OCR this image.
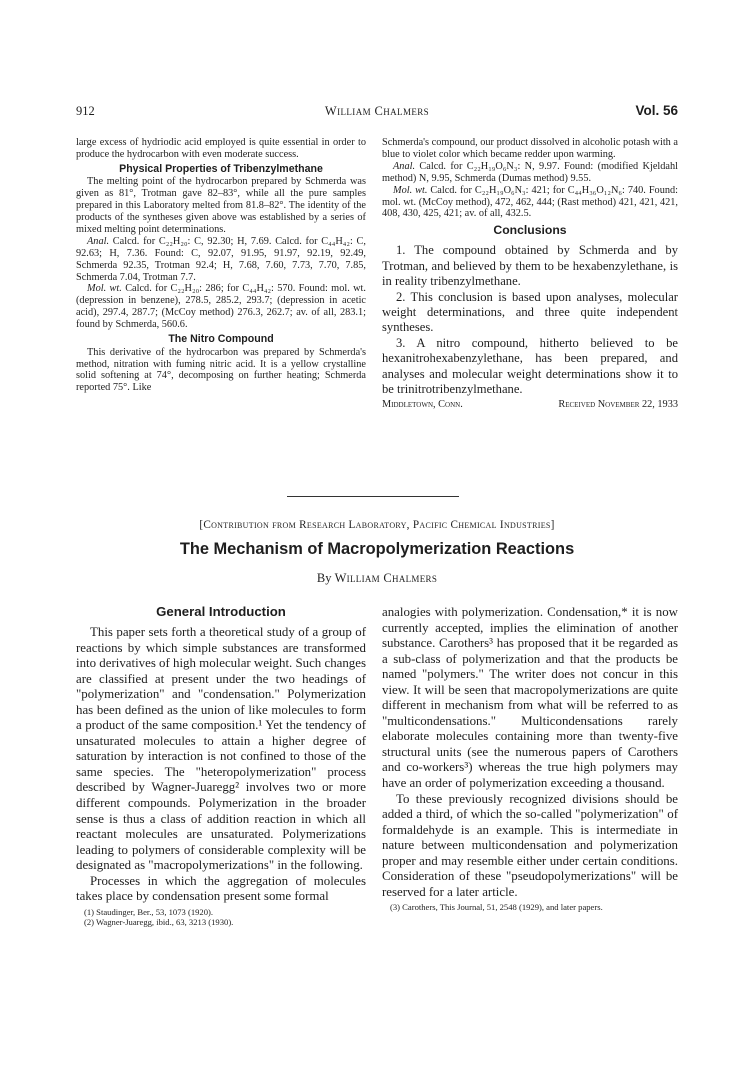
912	William Chalmers	Vol. 56

large excess of hydriodic acid employed is quite essential in order to produce the hydrocarbon with even moderate success.

Physical Properties of Tribenzylmethane

The melting point of the hydrocarbon prepared by Schmerda was given as 81°, Trotman gave 82–83°, while all the pure samples prepared in this Laboratory melted from 81.8–82°. The identity of the products of the syntheses given above was established by a series of mixed melting point determinations.

Anal. Calcd. for C₂₂H₂₀: C, 92.30; H, 7.69. Calcd. for C₄₄H₄₂: C, 92.63; H, 7.36. Found: C, 92.07, 91.95, 91.97, 92.19, 92.49, Schmerda 92.35, Trotman 92.4; H, 7.68, 7.60, 7.73, 7.70, 7.85, Schmerda 7.04, Trotman 7.7.

Mol. wt. Calcd. for C₂₂H₂₀: 286; for C₄₄H₄₂: 570. Found: mol. wt. (depression in benzene), 278.5, 285.2, 293.7; (depression in acetic acid), 297.4, 287.7; (McCoy method) 276.3, 262.7; av. of all, 283.1; found by Schmerda, 560.6.

The Nitro Compound

This derivative of the hydrocarbon was prepared by Schmerda's method, nitration with fuming nitric acid. It is a yellow crystalline solid softening at 74°, decomposing on further heating; Schmerda reported 75°. Like

Schmerda's compound, our product dissolved in alcoholic potash with a blue to violet color which became redder upon warming.

Anal. Calcd. for C₂₂H₁₉O₆N₃: N, 9.97. Found: (modified Kjeldahl method) N, 9.95, Schmerda (Dumas method) 9.55.

Mol. wt. Calcd. for C₂₂H₁₉O₆N₃: 421; for C₄₄H₃₆O₁₂N₆: 740. Found: mol. wt. (McCoy method), 472, 462, 444; (Rast method) 421, 421, 421, 408, 430, 425, 421; av. of all, 432.5.

Conclusions

1. The compound obtained by Schmerda and by Trotman, and believed by them to be hexabenzylethane, is in reality tribenzylmethane.

2. This conclusion is based upon analyses, molecular weight determinations, and three quite independent syntheses.

3. A nitro compound, hitherto believed to be hexanitrohexabenzylethane, has been prepared, and analyses and molecular weight determinations show it to be trinitrotribenzylmethane.

Middletown, Conn.	Received November 22, 1933
[Contribution from Research Laboratory, Pacific Chemical Industries]
The Mechanism of Macropolymerization Reactions
By William Chalmers
General Introduction

This paper sets forth a theoretical study of a group of reactions by which simple substances are transformed into derivatives of high molecular weight. Such changes are classified at present under the two headings of "polymerization" and "condensation." Polymerization has been defined as the union of like molecules to form a product of the same composition.¹ Yet the tendency of unsaturated molecules to attain a higher degree of saturation by interaction is not confined to those of the same species. The "heteropolymerization" process described by Wagner-Juaregg² involves two or more different compounds. Polymerization in the broader sense is thus a class of addition reaction in which all reactant molecules are unsaturated. Polymerizations leading to polymers of considerable complexity will be designated as "macropolymerizations" in the following.

Processes in which the aggregation of molecules takes place by condensation present some formal

(1) Staudinger, Ber., 53, 1073 (1920).
(2) Wagner-Juaregg, ibid., 63, 3213 (1930).

analogies with polymerization. Condensation,* it is now currently accepted, implies the elimination of another substance. Carothers³ has proposed that it be regarded as a sub-class of polymerization and that the products be named "polymers." The writer does not concur in this view. It will be seen that macropolymerizations are quite different in mechanism from what will be referred to as "multicondensations." Multicondensations rarely elaborate molecules containing more than twenty-five structural units (see the numerous papers of Carothers and co-workers³) whereas the true high polymers may have an order of polymerization exceeding a thousand.

To these previously recognized divisions should be added a third, of which the so-called "polymerization" of formaldehyde is an example. This is intermediate in nature between multicondensation and polymerization proper and may resemble either under certain conditions. Consideration of these "pseudopolymerizations" will be reserved for a later article.

(3) Carothers, This Journal, 51, 2548 (1929), and later papers.
